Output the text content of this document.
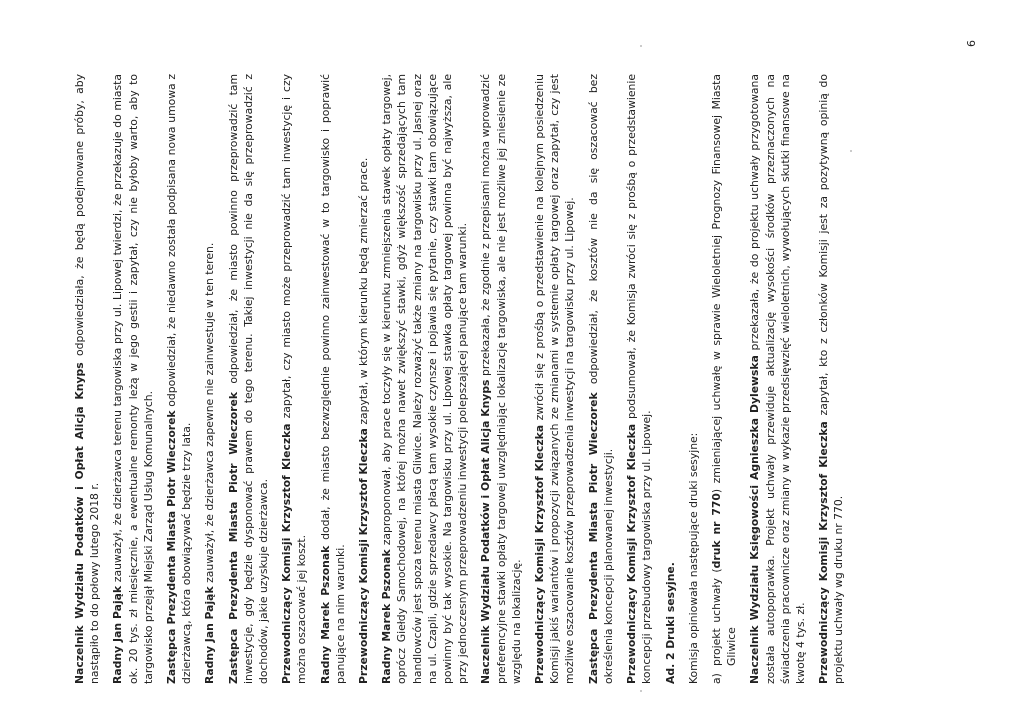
Naczelnik Wydziału Podatków i Opłat Alicja Knyps odpowiedziała, że będą podejmowane próby, aby nastąpiło to do połowy lutego 2018 r. Radny Jan Pająk zauważył, że dzierżawca terenu targowiska przy ul. Lipowej twierdzi, że przekazuje do miasta ok. 20 tys. zł miesięcznie, a ewentualne remonty leżą w jego gestii i zapytał, czy nie byłoby warto, aby to targowisko przejął Miejski Zarząd Usług Komunalnych. Zastępca Prezydenta Miasta Piotr Wieczorek odpowiedział, że niedawno została podpisana nowa umowa z dzierżawcą, która obowiązywać będzie trzy lata. Radny Jan Pająk zauważył, że dzierżawca zapewne nie zainwestuje w ten teren. Zastępca Prezydenta Miasta Piotr Wieczorek odpowiedział, że miasto powinno przeprowadzić tam inwestycje, gdy będzie dysponować prawem do tego terenu. Takiej inwestycji nie da się przeprowadzić z dochodów, jakie uzyskuje dzierżawca. Przewodniczący Komisji Krzysztof Kleczka zapytał, czy miasto może przeprowadzić tam inwestycję i czy można oszacować jej koszt. Radny Marek Pszonak dodał, że miasto bezwzględnie powinno zainwestować w to targowisko i poprawić panujące na nim warunki. Przewodniczący Komisji Krzysztof Kleczka zapytał, w którym kierunku będą zmierzać prace.

Radny Marek Pszonak zaproponował, aby prace toczyły się w kierunku zmniejszenia stawek opłaty targowej, oprócz Giełdy Samochodowej, na której można nawet zwiększyć stawki, gdyż większość sprzedających tam handlowców jest spoza terenu miasta Gliwice. Należy rozważyć także zmiany na targowisku przy ul. Jasnej oraz na ul. Czapli, gdzie sprzedawcy płacą tam wysokie czynsze i pojawia się pytanie, czy stawki tam obowiązujące powinny być tak wysokie. Na targowisku przy ul. Lipowej stawka opłaty targowej powinna być najwyższa, ale przy jednoczesnym przeprowadzeniu inwestycji polepszającej panujące tam warunki. Naczelnik Wydziału Podatków i Opłat Alicja Knyps przekazała, że zgodnie z przepisami można wprowadzić preferencyjne stawki opłaty targowej uwzględniając lokalizację targowiska, ale nie jest możliwe jej zniesienie ze względu na lokalizację. Przewodniczący Komisji Krzysztof Kleczka zwrócił się z prośbą o przedstawienie na kolejnym posiedzeniu Komisji jakiś wariantów i propozycji związanych ze zmianami w systemie opłaty targowej oraz zapytał, czy jest możliwe oszacowanie kosztów przeprowadzenia inwestycji na targowisku przy ul. Lipowej. Zastępca Prezydenta Miasta Piotr Wieczorek odpowiedział, że kosztów nie da się oszacować bez określenia koncepcji planowanej inwestycji. Przewodniczący Komisji Krzysztof Kleczka podsumował, że Komisja zwróci się z prośbą o przedstawienie koncepcji przebudowy targowiska przy ul. Lipowej. Ad. 2 Druki sesyjne. Komisja opiniowała następujące druki sesyjne: a)
projekt uchwały (druk nr 770) zmieniającej uchwałę w sprawie Wieloletniej Prognozy Finansowej Miasta Gliwice Naczelnik Wydziału Księgowości Agnieszka Dylewska przekazała, że do projektu uchwały przygotowana została autopoprawka. Projekt uchwały przewiduje aktualizację wysokości środków przeznaczonych na świadczenia pracownicze oraz zmiany w wykazie przedsięwzięć wieloletnich, wywołujących skutki finansowe na kwotę 4 tys. zł. Przewodniczący Komisji Krzysztof Kleczka zapytał, kto z członków Komisji jest za pozytywną opinią do projektu uchwały wg druku nr 770.

6
